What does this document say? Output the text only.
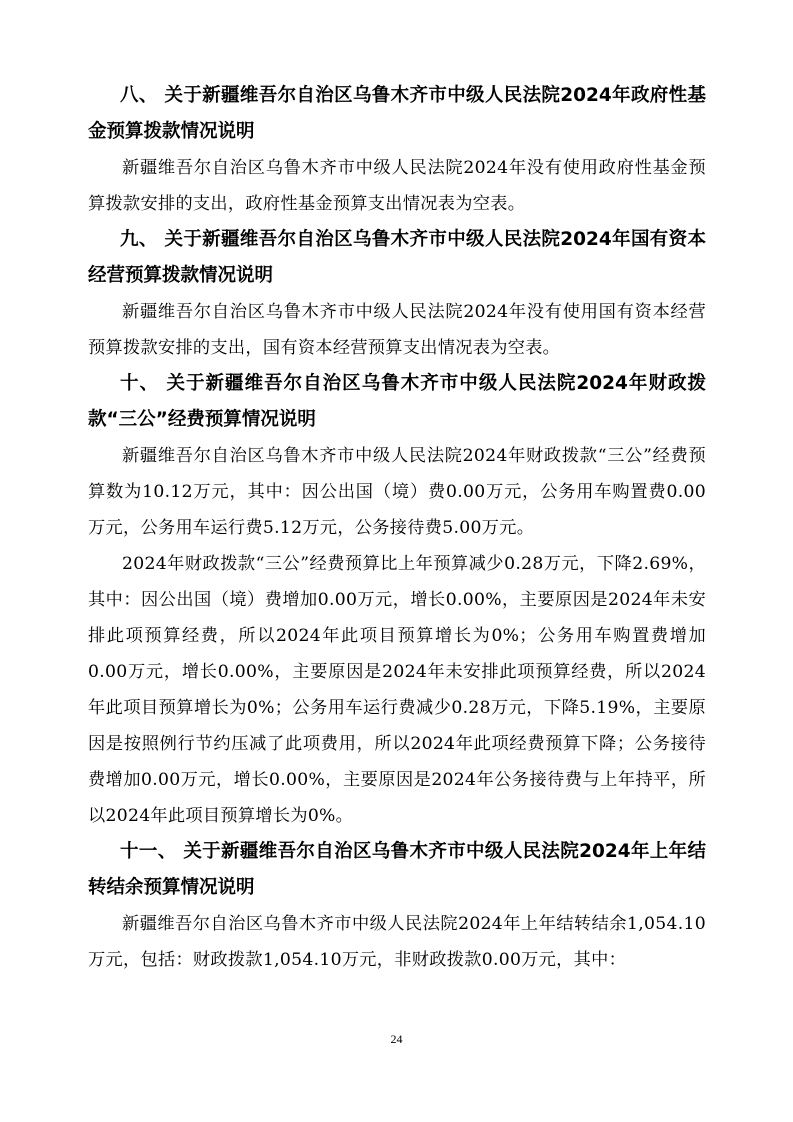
八、 关于新疆维吾尔自治区乌鲁木齐市中级人民法院2024年政府性基金预算拨款情况说明

新疆维吾尔自治区乌鲁木齐市中级人民法院2024年没有使用政府性基金预算拨款安排的支出，政府性基金预算支出情况表为空表。

九、 关于新疆维吾尔自治区乌鲁木齐市中级人民法院2024年国有资本经营预算拨款情况说明

新疆维吾尔自治区乌鲁木齐市中级人民法院2024年没有使用国有资本经营预算拨款安排的支出，国有资本经营预算支出情况表为空表。

十、 关于新疆维吾尔自治区乌鲁木齐市中级人民法院2024年财政拨款“三公”经费预算情况说明

新疆维吾尔自治区乌鲁木齐市中级人民法院2024年财政拨款“三公”经费预算数为10.12万元，其中：因公出国（境）费0.00万元，公务用车购置费0.00万元，公务用车运行费5.12万元，公务接待费5.00万元。

2024年财政拨款“三公”经费预算比上年预算减少0.28万元，下降2.69%，其中：因公出国（境）费增加0.00万元，增长0.00%，主要原因是2024年未安排此项预算经费，所以2024年此项目预算增长为0%；公务用车购置费增加0.00万元，增长0.00%，主要原因是2024年未安排此项预算经费，所以2024年此项目预算增长为0%；公务用车运行费减少0.28万元，下降5.19%，主要原因是按照例行节约压减了此项费用，所以2024年此项经费预算下降；公务接待费增加0.00万元，增长0.00%，主要原因是2024年公务接待费与上年持平，所以2024年此项目预算增长为0%。

十一、 关于新疆维吾尔自治区乌鲁木齐市中级人民法院2024年上年结转结余预算情况说明

新疆维吾尔自治区乌鲁木齐市中级人民法院2024年上年结转结余1,054.10万元，包括：财政拨款1,054.10万元，非财政拨款0.00万元，其中：

24
